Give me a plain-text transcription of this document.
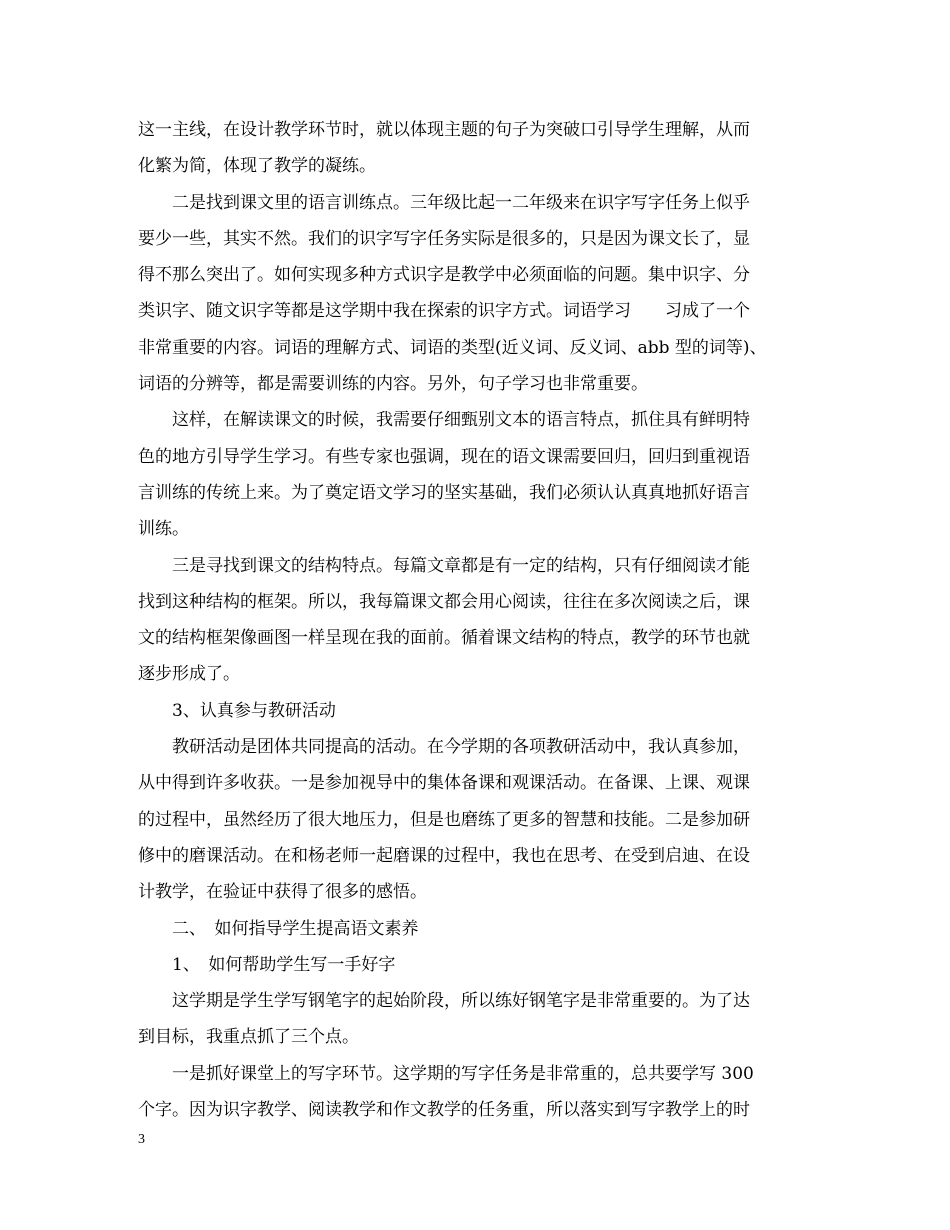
这一主线，在设计教学环节时，就以体现主题的句子为突破口引导学生理解，从而
化繁为简，体现了教学的凝练。
二是找到课文里的语言训练点。三年级比起一二年级来在识字写字任务上似乎
要少一些，其实不然。我们的识字写字任务实际是很多的，只是因为课文长了，显
得不那么突出了。如何实现多种方式识字是教学中必须面临的问题。集中识字、分
类识字、随文识字等都是这学期中我在探索的识字方式。词语学习　　习成了一个
非常重要的内容。词语的理解方式、词语的类型(近义词、反义词、abb 型的词等)、
词语的分辨等，都是需要训练的内容。另外，句子学习也非常重要。
这样，在解读课文的时候，我需要仔细甄别文本的语言特点，抓住具有鲜明特
色的地方引导学生学习。有些专家也强调，现在的语文课需要回归，回归到重视语
言训练的传统上来。为了奠定语文学习的坚实基础，我们必须认认真真地抓好语言
训练。
三是寻找到课文的结构特点。每篇文章都是有一定的结构，只有仔细阅读才能
找到这种结构的框架。所以，我每篇课文都会用心阅读，往往在多次阅读之后，课
文的结构框架像画图一样呈现在我的面前。循着课文结构的特点，教学的环节也就
逐步形成了。
3、认真参与教研活动
教研活动是团体共同提高的活动。在今学期的各项教研活动中，我认真参加，
从中得到许多收获。一是参加视导中的集体备课和观课活动。在备课、上课、观课
的过程中，虽然经历了很大地压力，但是也磨练了更多的智慧和技能。二是参加研
修中的磨课活动。在和杨老师一起磨课的过程中，我也在思考、在受到启迪、在设
计教学，在验证中获得了很多的感悟。
二、　如何指导学生提高语文素养
1、　如何帮助学生写一手好字
这学期是学生学写钢笔字的起始阶段，所以练好钢笔字是非常重要的。为了达
到目标，我重点抓了三个点。
一是抓好课堂上的写字环节。这学期的写字任务是非常重的，总共要学写 300
个字。因为识字教学、阅读教学和作文教学的任务重，所以落实到写字教学上的时
3
